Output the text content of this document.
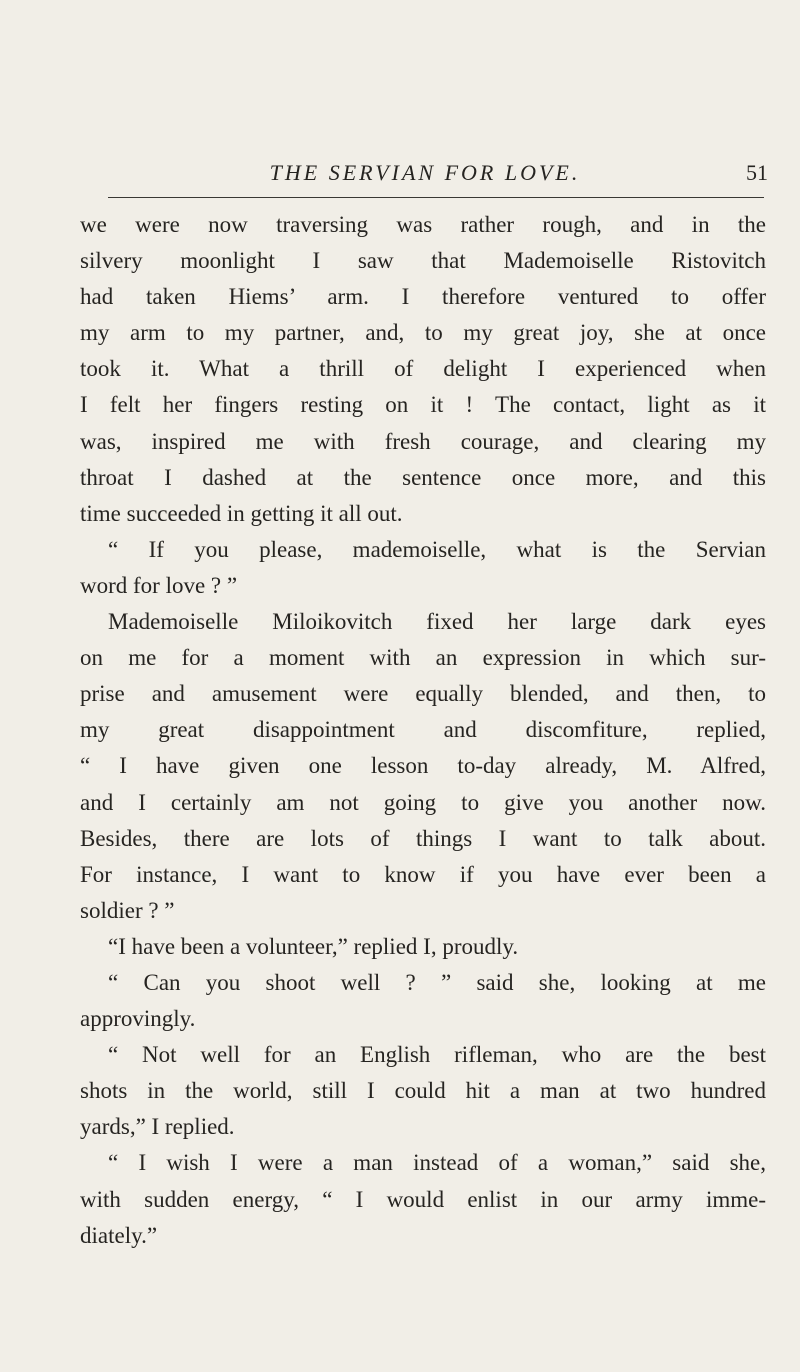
THE SERVIAN FOR LOVE.	51
we were now traversing was rather rough, and in the
silvery moonlight I saw that Mademoiselle Ristovitch
had taken Hiems’ arm. I therefore ventured to offer
my arm to my partner, and, to my great joy, she at once
took it. What a thrill of delight I experienced when
I felt her fingers resting on it ! The contact, light as it
was, inspired me with fresh courage, and clearing my
throat I dashed at the sentence once more, and this
time succeeded in getting it all out.
“ If you please, mademoiselle, what is the Servian
word for love ? ”
Mademoiselle Miloikovitch fixed her large dark eyes
on me for a moment with an expression in which sur-
prise and amusement were equally blended, and then, to
my great disappointment and discomfiture, replied,
“ I have given one lesson to-day already, M. Alfred,
and I certainly am not going to give you another now.
Besides, there are lots of things I want to talk about.
For instance, I want to know if you have ever been a
soldier ? ”
“I have been a volunteer,” replied I, proudly.
“ Can you shoot well ? ” said she, looking at me
approvingly.
“ Not well for an English rifleman, who are the best
shots in the world, still I could hit a man at two hundred
yards,” I replied.
“ I wish I were a man instead of a woman,” said she,
with sudden energy, “ I would enlist in our army imme-
diately.”
